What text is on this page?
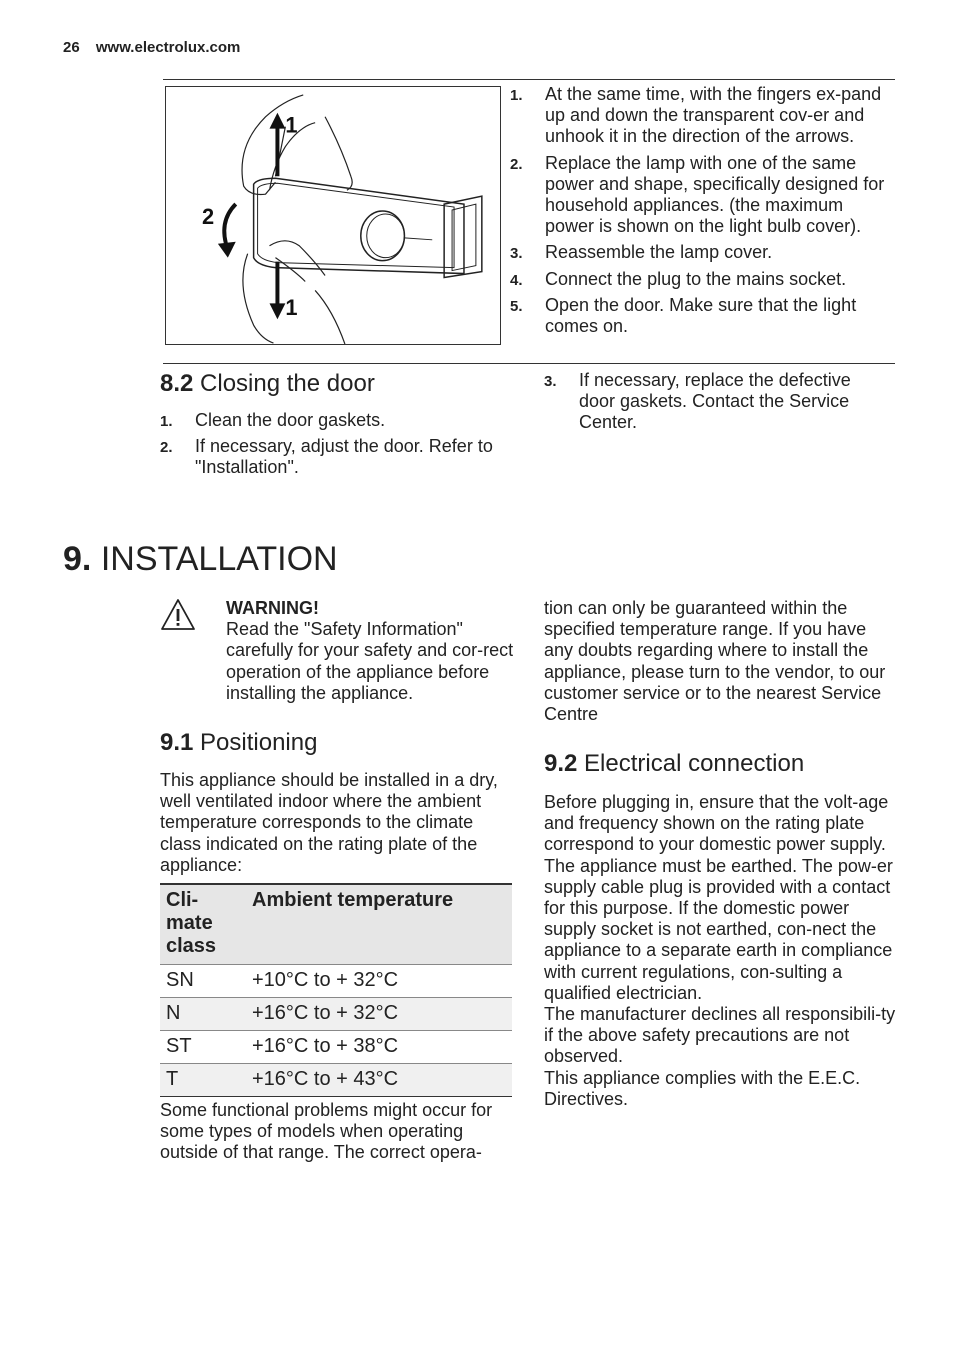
26 www.electrolux.com
1
2
1
1. At the same time, with the fingers ex-pand up and down the transparent cov-er and unhook it in the direction of the arrows.
2. Replace the lamp with one of the same power and shape, specifically designed for household appliances. (the maximum power is shown on the light bulb cover).
3. Reassemble the lamp cover.
4. Connect the plug to the mains socket.
5. Open the door. Make sure that the light comes on.
8.2 Closing the door
1. Clean the door gaskets.
2. If necessary, adjust the door. Refer to "Installation".
3. If necessary, replace the defective door gaskets. Contact the Service Center.
9. INSTALLATION
WARNING!
Read the "Safety Information" carefully for your safety and cor-rect operation of the appliance before installing the appliance.
9.1 Positioning

This appliance should be installed in a dry, well ventilated indoor where the ambient temperature corresponds to the climate class indicated on the rating plate of the appliance:

Cli-mate class	Ambient temperature
SN	+10°C to + 32°C
N	+16°C to + 32°C
ST	+16°C to + 38°C
T	+16°C to + 43°C

Some functional problems might occur for some types of models when operating outside of that range. The correct opera-

tion can only be guaranteed within the specified temperature range. If you have any doubts regarding where to install the appliance, please turn to the vendor, to our customer service or to the nearest Service Centre

9.2 Electrical connection

Before plugging in, ensure that the volt-age and frequency shown on the rating plate correspond to your domestic power supply.

The appliance must be earthed. The pow-er supply cable plug is provided with a contact for this purpose. If the domestic power supply socket is not earthed, con-nect the appliance to a separate earth in compliance with current regulations, con-sulting a qualified electrician.

The manufacturer declines all responsibili-ty if the above safety precautions are not observed.

This appliance complies with the E.E.C. Directives.
